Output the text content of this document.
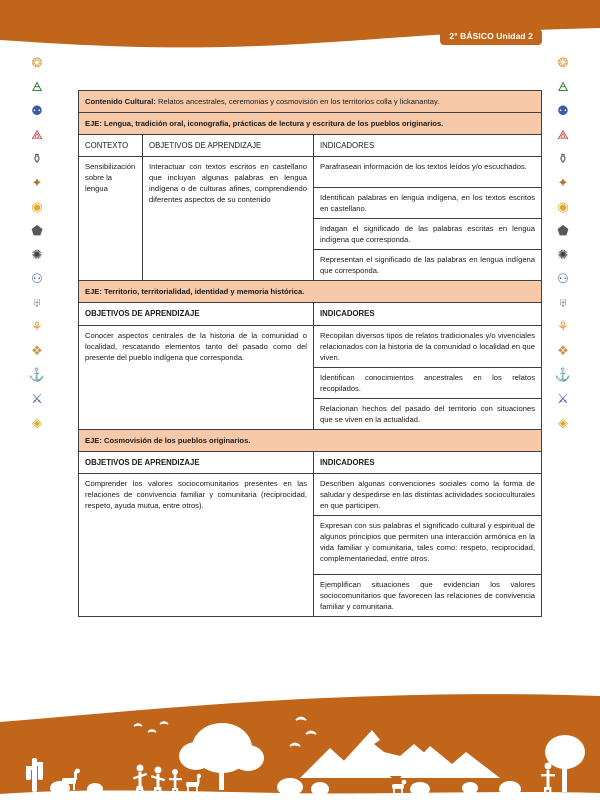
2° BÁSICO Unidad 2
❂
🜁
⚉
⟁
⚱
✦
◉
⬟
✺
⚇
♅
⚘
❖
⚓
⚔
◈
❂
🜁
⚉
⟁
⚱
✦
◉
⬟
✺
⚇
♅
⚘
❖
⚓
⚔
◈
Contenido Cultural: Relatos ancestrales, ceremonias y cosmovisión en los territorios colla y lickanantay.		
EJE: Lengua, tradición oral, iconografía, prácticas de lectura y escritura de los pueblos originarios.		
CONTEXTO	OBJETIVOS DE APRENDIZAJE	INDICADORES
Sensibilización sobre la lengua	Interactuar con textos escritos en castellano que incluyan algunas palabras en lengua indígena o de culturas afines, comprendiendo diferentes aspectos de su contenido	Parafrasean información de los textos leídos y/o escuchados.
		Identifican palabras en lengua indígena, en los textos escritos en castellano.
		Indagan el significado de las palabras escritas en lengua indígena que corresponda.
		Representan el significado de las palabras en lengua indígena que corresponda.
EJE: Territorio, territorialidad, identidad y memoria histórica.		
OBJETIVOS DE APRENDIZAJE		INDICADORES
Conocer aspectos centrales de la historia de la comunidad o localidad, rescatando elementos tanto del pasado como del presente del pueblo indígena que corresponda.		Recopilan diversos tipos de relatos tradicionales y/o vivenciales relacionados con la historia de la comunidad o localidad en que viven.
		Identifican conocimientos ancestrales en los relatos recopilados.
		Relacionan hechos del pasado del territorio con situaciones que se viven en la actualidad.
EJE: Cosmovisión de los pueblos originarios.		
OBJETIVOS DE APRENDIZAJE		INDICADORES
Comprender los valores sociocomunitarios presentes en las relaciones de convivencia familiar y comunitaria (reciprocidad, respeto, ayuda mutua, entre otros).		Describen algunas convenciones sociales como la forma de saludar y despedirse en las distintas actividades socioculturales en que participen.
		Expresan con sus palabras el significado cultural y espiritual de algunos principios que permiten una interacción armónica en la vida familiar y comunitaria, tales como: respeto, reciprocidad, complementariedad, entre otros.
		Ejemplifican situaciones que evidencian los valores sociocomunitarios que favorecen las relaciones de convivencia familiar y comunitaria.
